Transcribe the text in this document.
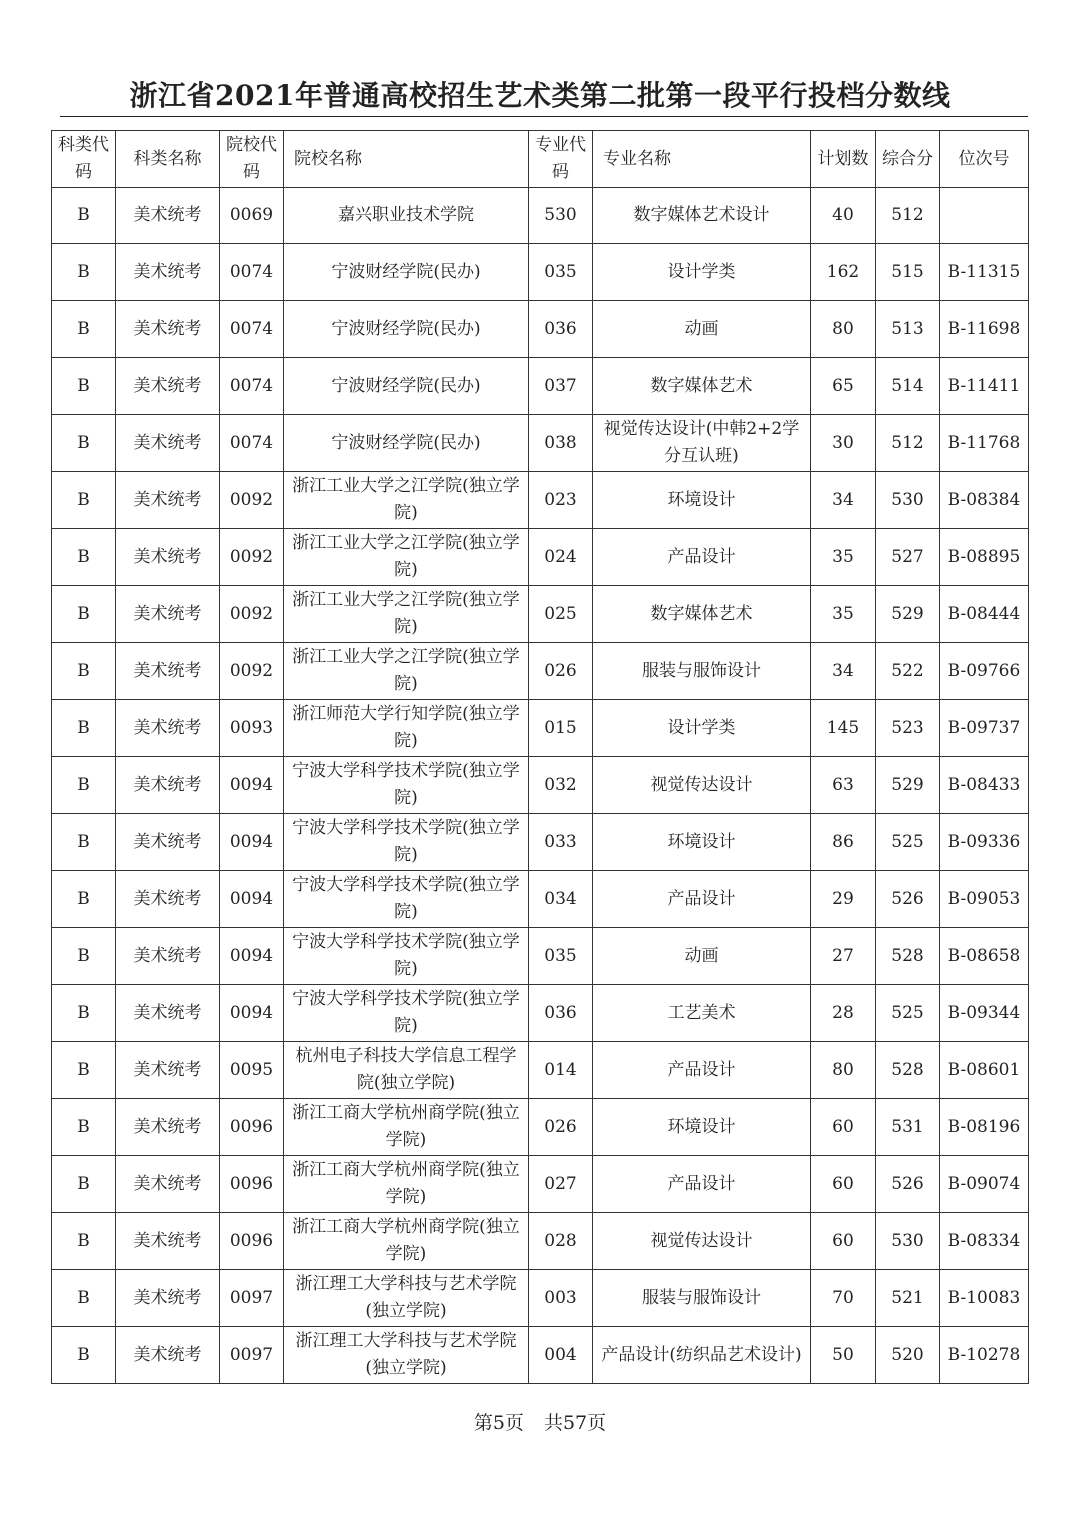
浙江省2021年普通高校招生艺术类第二批第一段平行投档分数线
科类代码	科类名称	院校代码	院校名称	专业代码	专业名称	计划数	综合分	位次号
B	美术统考	0069	嘉兴职业技术学院	530	数字媒体艺术设计	40	512	
B	美术统考	0074	宁波财经学院(民办)	035	设计学类	162	515	B-11315
B	美术统考	0074	宁波财经学院(民办)	036	动画	80	513	B-11698
B	美术统考	0074	宁波财经学院(民办)	037	数字媒体艺术	65	514	B-11411
B	美术统考	0074	宁波财经学院(民办)	038	视觉传达设计(中韩2+2学分互认班)	30	512	B-11768
B	美术统考	0092	浙江工业大学之江学院(独立学院)	023	环境设计	34	530	B-08384
B	美术统考	0092	浙江工业大学之江学院(独立学院)	024	产品设计	35	527	B-08895
B	美术统考	0092	浙江工业大学之江学院(独立学院)	025	数字媒体艺术	35	529	B-08444
B	美术统考	0092	浙江工业大学之江学院(独立学院)	026	服装与服饰设计	34	522	B-09766
B	美术统考	0093	浙江师范大学行知学院(独立学院)	015	设计学类	145	523	B-09737
B	美术统考	0094	宁波大学科学技术学院(独立学院)	032	视觉传达设计	63	529	B-08433
B	美术统考	0094	宁波大学科学技术学院(独立学院)	033	环境设计	86	525	B-09336
B	美术统考	0094	宁波大学科学技术学院(独立学院)	034	产品设计	29	526	B-09053
B	美术统考	0094	宁波大学科学技术学院(独立学院)	035	动画	27	528	B-08658
B	美术统考	0094	宁波大学科学技术学院(独立学院)	036	工艺美术	28	525	B-09344
B	美术统考	0095	杭州电子科技大学信息工程学院(独立学院)	014	产品设计	80	528	B-08601
B	美术统考	0096	浙江工商大学杭州商学院(独立学院)	026	环境设计	60	531	B-08196
B	美术统考	0096	浙江工商大学杭州商学院(独立学院)	027	产品设计	60	526	B-09074
B	美术统考	0096	浙江工商大学杭州商学院(独立学院)	028	视觉传达设计	60	530	B-08334
B	美术统考	0097	浙江理工大学科技与艺术学院(独立学院)	003	服装与服饰设计	70	521	B-10083
B	美术统考	0097	浙江理工大学科技与艺术学院(独立学院)	004	产品设计(纺织品艺术设计)	50	520	B-10278
第5页 共57页
